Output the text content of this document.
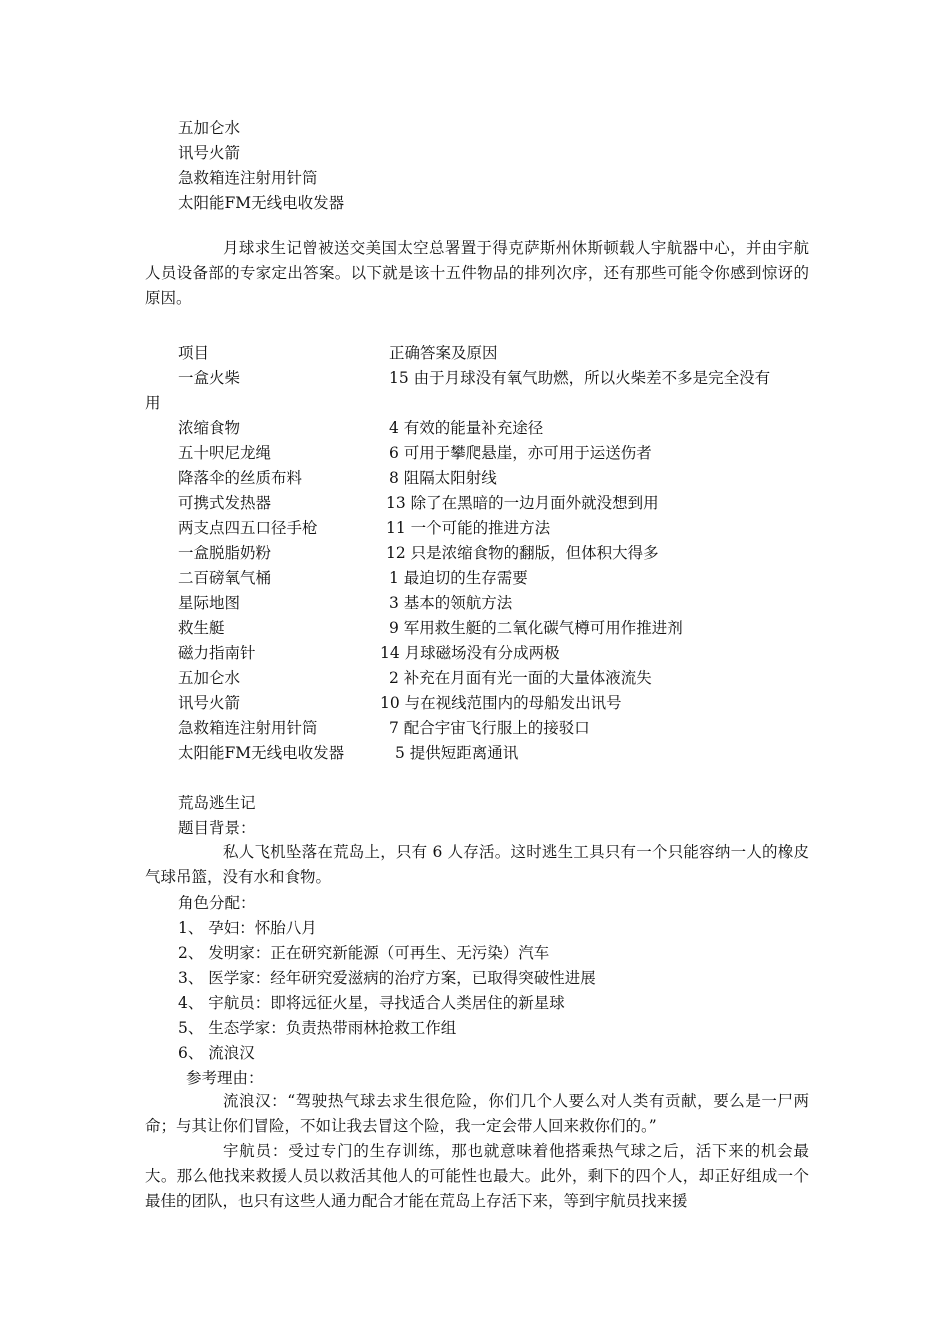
五加仑水
讯号火箭
急救箱连注射用针筒
太阳能FM无线电收发器

月球求生记曾被送交美国太空总署置于得克萨斯州休斯顿载人宇航器中心，并由宇航人员设备部的专家定出答案。以下就是该十五件物品的排列次序，还有那些可能令你感到惊讶的原因。

项目	正确答案及原因
一盒火柴	15 由于月球没有氧气助燃，所以火柴差不多是完全没有
用
浓缩食物	4 有效的能量补充途径
五十呎尼龙绳	6 可用于攀爬悬崖，亦可用于运送伤者
降落伞的丝质布料	8 阻隔太阳射线
可携式发热器	13 除了在黑暗的一边月面外就没想到用
两支点四五口径手枪	11 一个可能的推进方法
一盒脱脂奶粉	12 只是浓缩食物的翻版，但体积大得多
二百磅氧气桶	1 最迫切的生存需要
星际地图	3 基本的领航方法
救生艇	9 军用救生艇的二氧化碳气樽可用作推进剂
磁力指南针	14 月球磁场没有分成两极
五加仑水	2 补充在月面有光一面的大量体液流失
讯号火箭	10 与在视线范围内的母船发出讯号
急救箱连注射用针筒	7 配合宇宙飞行服上的接驳口
太阳能FM无线电收发器	5 提供短距离通讯
荒岛逃生记
题目背景：

私人飞机坠落在荒岛上，只有 6 人存活。这时逃生工具只有一个只能容纳一人的橡皮气球吊篮，没有水和食物。

角色分配：
1、 孕妇：怀胎八月
2、 发明家：正在研究新能源（可再生、无污染）汽车
3、 医学家：经年研究爱滋病的治疗方案，已取得突破性进展
4、 宇航员：即将远征火星，寻找适合人类居住的新星球
5、 生态学家：负责热带雨林抢救工作组
6、 流浪汉
参考理由：

流浪汉：“驾驶热气球去求生很危险，你们几个人要么对人类有贡献，要么是一尸两命；与其让你们冒险，不如让我去冒这个险，我一定会带人回来救你们的。”

宇航员：受过专门的生存训练，那也就意味着他搭乘热气球之后，活下来的机会最大。那么他找来救援人员以救活其他人的可能性也最大。此外，剩下的四个人，却正好组成一个最佳的团队，也只有这些人通力配合才能在荒岛上存活下来，等到宇航员找来援
